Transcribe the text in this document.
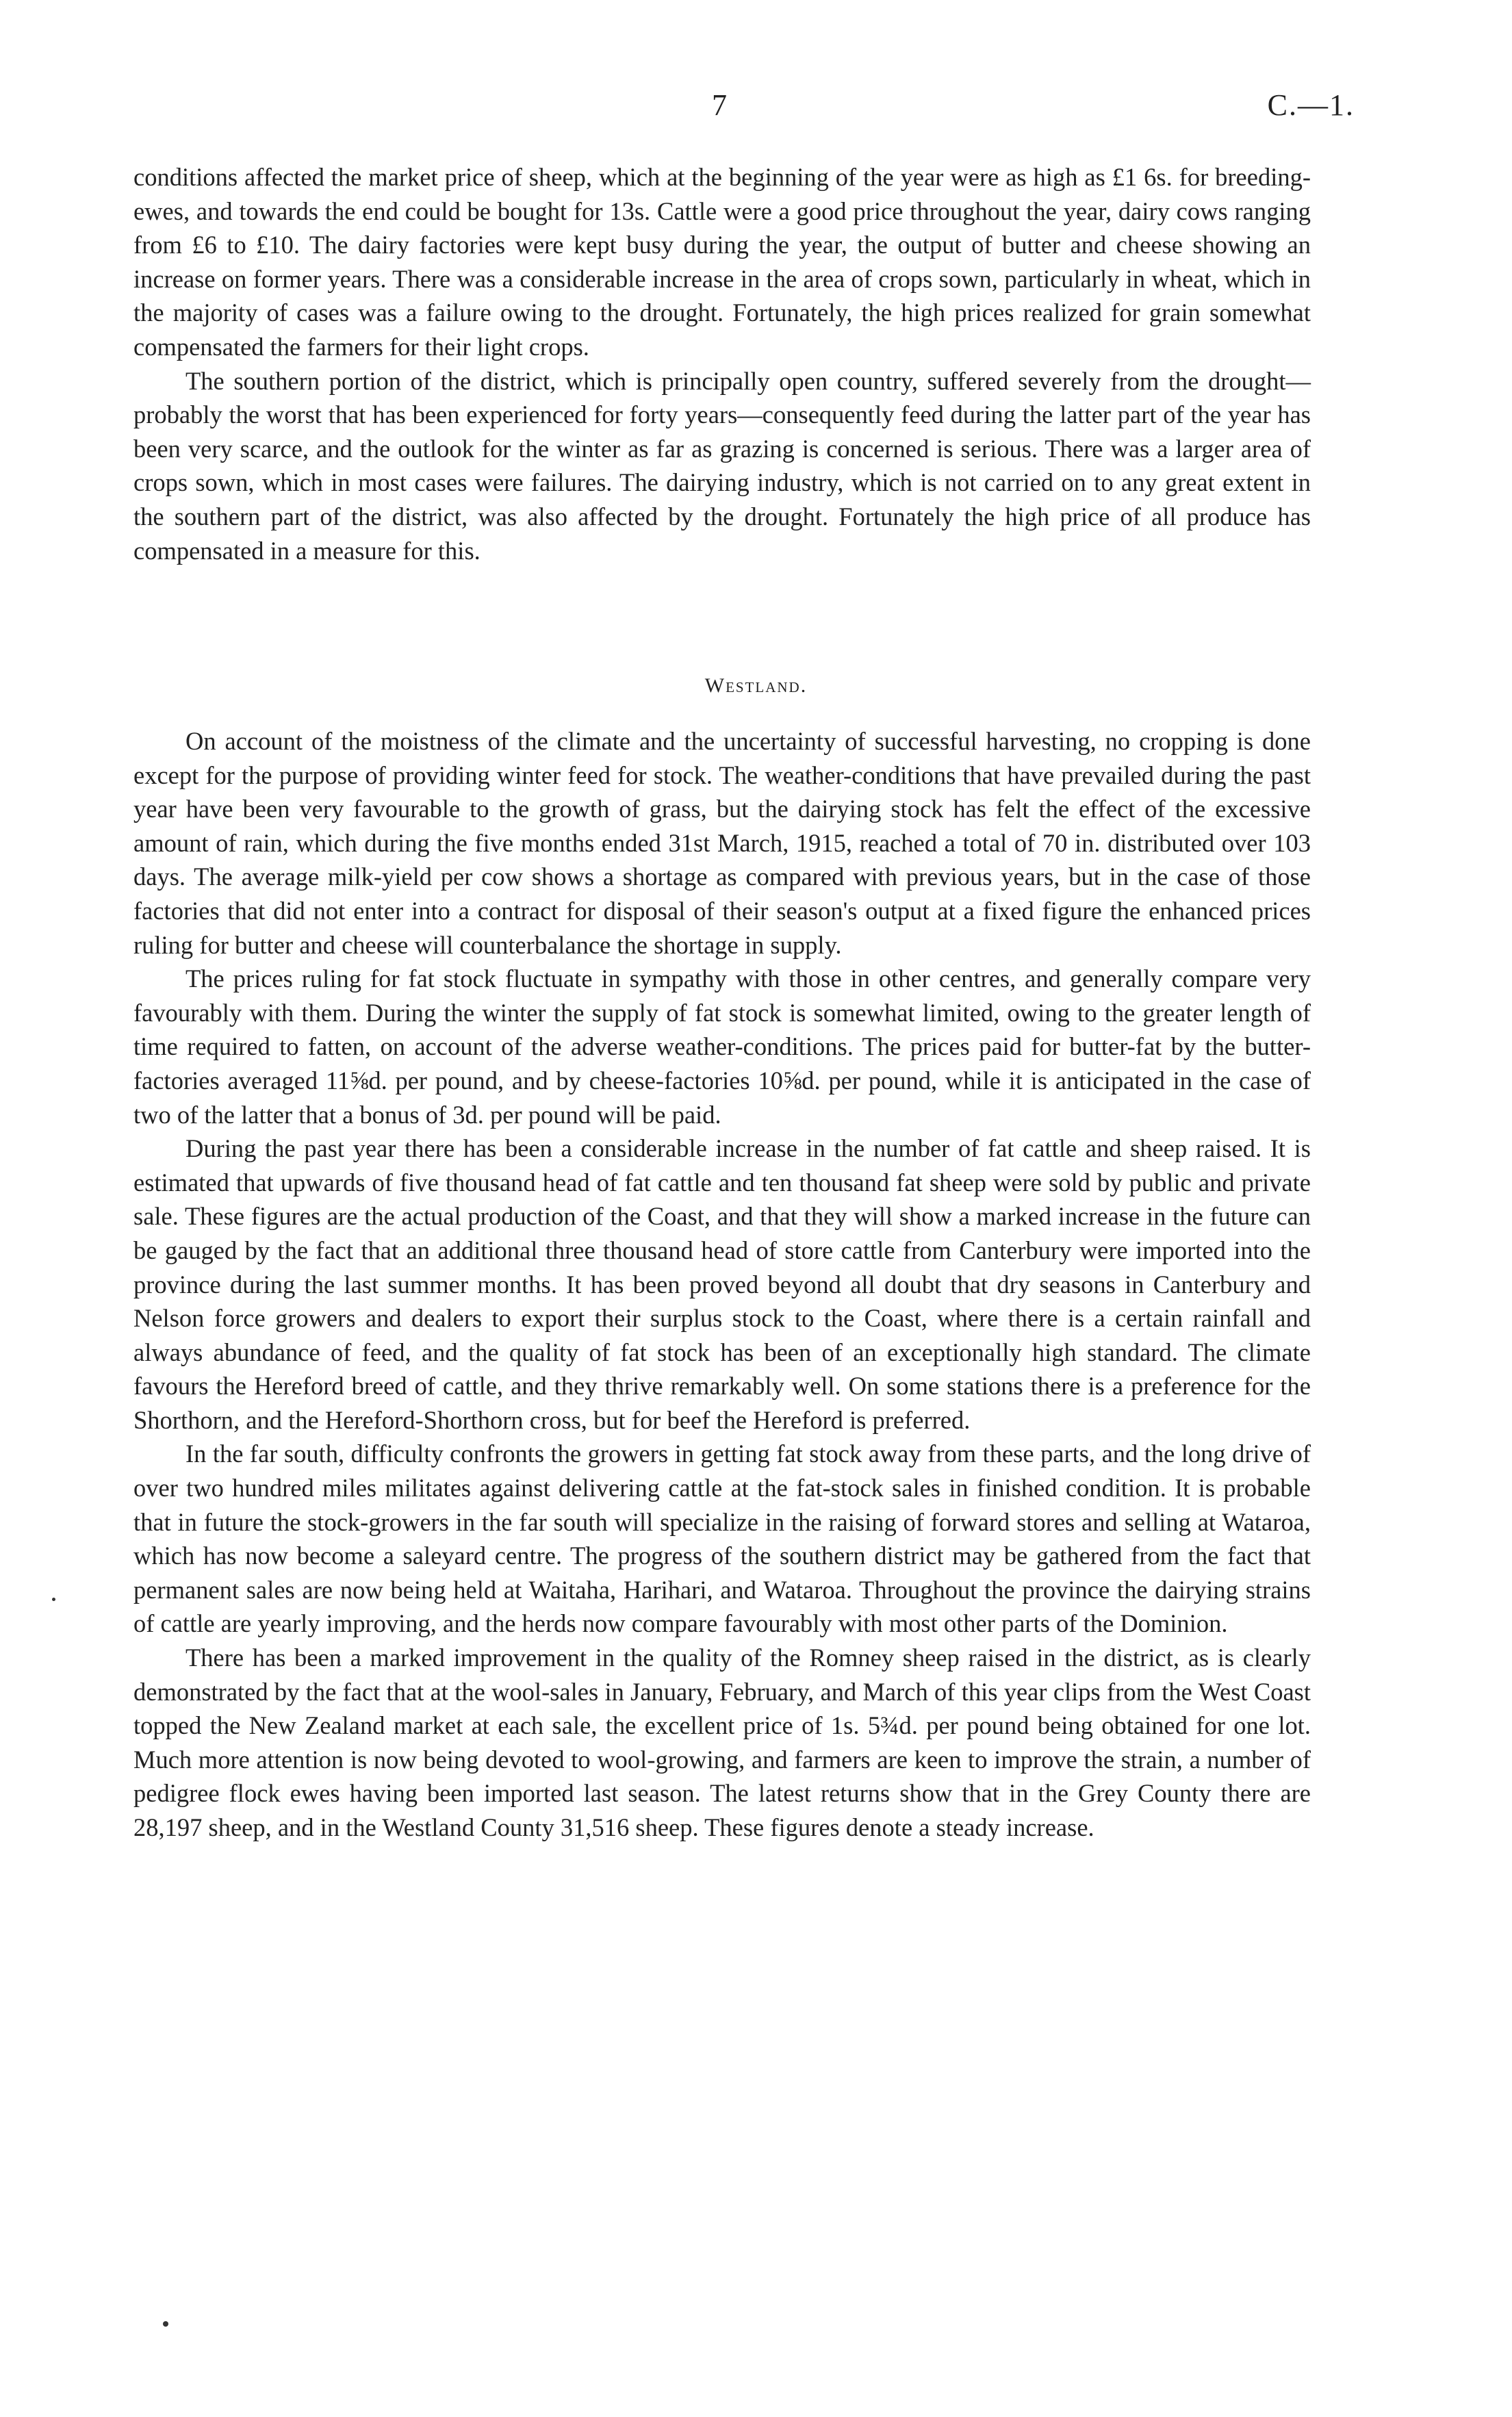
7	C.—1.

conditions affected the market price of sheep, which at the beginning of the year were as high as £1 6s. for breeding-ewes, and towards the end could be bought for 13s. Cattle were a good price throughout the year, dairy cows ranging from £6 to £10. The dairy factories were kept busy during the year, the output of butter and cheese showing an increase on former years. There was a considerable increase in the area of crops sown, particularly in wheat, which in the majority of cases was a failure owing to the drought. Fortunately, the high prices realized for grain somewhat compensated the farmers for their light crops.

The southern portion of the district, which is principally open country, suffered severely from the drought—probably the worst that has been experienced for forty years—consequently feed during the latter part of the year has been very scarce, and the outlook for the winter as far as grazing is concerned is serious. There was a larger area of crops sown, which in most cases were failures. The dairying industry, which is not carried on to any great extent in the southern part of the district, was also affected by the drought. Fortunately the high price of all produce has compensated in a measure for this.

Westland.

On account of the moistness of the climate and the uncertainty of successful harvesting, no cropping is done except for the purpose of providing winter feed for stock. The weather-conditions that have prevailed during the past year have been very favourable to the growth of grass, but the dairying stock has felt the effect of the excessive amount of rain, which during the five months ended 31st March, 1915, reached a total of 70 in. distributed over 103 days. The average milk-yield per cow shows a shortage as compared with previous years, but in the case of those factories that did not enter into a contract for disposal of their season's output at a fixed figure the enhanced prices ruling for butter and cheese will counterbalance the shortage in supply.

The prices ruling for fat stock fluctuate in sympathy with those in other centres, and generally compare very favourably with them. During the winter the supply of fat stock is somewhat limited, owing to the greater length of time required to fatten, on account of the adverse weather-conditions. The prices paid for butter-fat by the butter-factories averaged 11⅝d. per pound, and by cheese-factories 10⅝d. per pound, while it is anticipated in the case of two of the latter that a bonus of 3d. per pound will be paid.

During the past year there has been a considerable increase in the number of fat cattle and sheep raised. It is estimated that upwards of five thousand head of fat cattle and ten thousand fat sheep were sold by public and private sale. These figures are the actual production of the Coast, and that they will show a marked increase in the future can be gauged by the fact that an additional three thousand head of store cattle from Canterbury were imported into the province during the last summer months. It has been proved beyond all doubt that dry seasons in Canterbury and Nelson force growers and dealers to export their surplus stock to the Coast, where there is a certain rainfall and always abundance of feed, and the quality of fat stock has been of an exceptionally high standard. The climate favours the Hereford breed of cattle, and they thrive remarkably well. On some stations there is a preference for the Shorthorn, and the Hereford-Shorthorn cross, but for beef the Hereford is preferred.

In the far south, difficulty confronts the growers in getting fat stock away from these parts, and the long drive of over two hundred miles militates against delivering cattle at the fat-stock sales in finished condition. It is probable that in future the stock-growers in the far south will specialize in the raising of forward stores and selling at Wataroa, which has now become a saleyard centre. The progress of the southern district may be gathered from the fact that permanent sales are now being held at Waitaha, Harihari, and Wataroa. Throughout the province the dairying strains of cattle are yearly improving, and the herds now compare favourably with most other parts of the Dominion.

There has been a marked improvement in the quality of the Romney sheep raised in the district, as is clearly demonstrated by the fact that at the wool-sales in January, February, and March of this year clips from the West Coast topped the New Zealand market at each sale, the excellent price of 1s. 5¾d. per pound being obtained for one lot. Much more attention is now being devoted to wool-growing, and farmers are keen to improve the strain, a number of pedigree flock ewes having been imported last season. The latest returns show that in the Grey County there are 28,197 sheep, and in the Westland County 31,516 sheep. These figures denote a steady increase.
